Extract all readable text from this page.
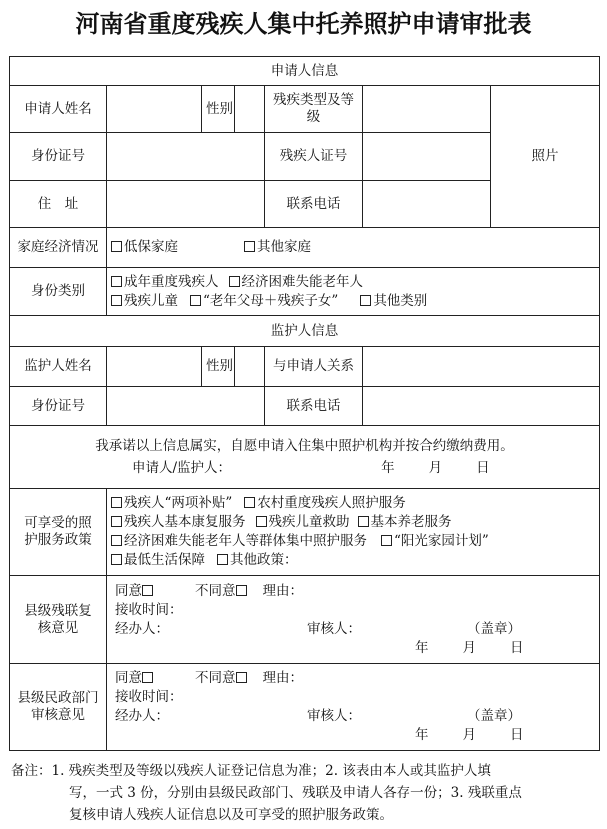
河南省重度残疾人集中托养照护申请审批表
申请人信息						
申请人姓名		性别		残疾类型及等级		照片
身份证号				残疾人证号		
住　址				联系电话		
家庭经济情况	低保家庭 其他家庭					

身份类别	成年重度残疾人 经济困难失能老年人
残疾儿童 “老年父母＋残疾子女” 其他类别					

监护人信息						
监护人姓名		性别		与申请人关系		
身份证号				联系电话		

我承诺以上信息属实，自愿申请入住集中照护机构并按合约缴纳费用。
申请人/监护人： 年 月 日						

可享受的照护服务政策	残疾人“两项补贴” 农村重度残疾人照护服务
残疾人基本康复服务 残疾儿童救助 基本养老服务
经济困难失能老年人等群体集中照护服务 “阳光家园计划”
最低生活保障 其他政策：					

县级残联复核意见	同意 不同意 理由：
接收时间：
经办人： 审核人： （盖章）
年 月 日					

县级民政部门审核意见	同意 不同意 理由：
接收时间：
经办人： 审核人： （盖章）
年 月 日					
备注：1. 残疾类型及等级以残疾人证登记信息为准；2. 该表由本人或其监护人填
写，一式 3 份，分别由县级民政部门、残联及申请人各存一份；3. 残联重点
复核申请人残疾人证信息以及可享受的照护服务政策。
